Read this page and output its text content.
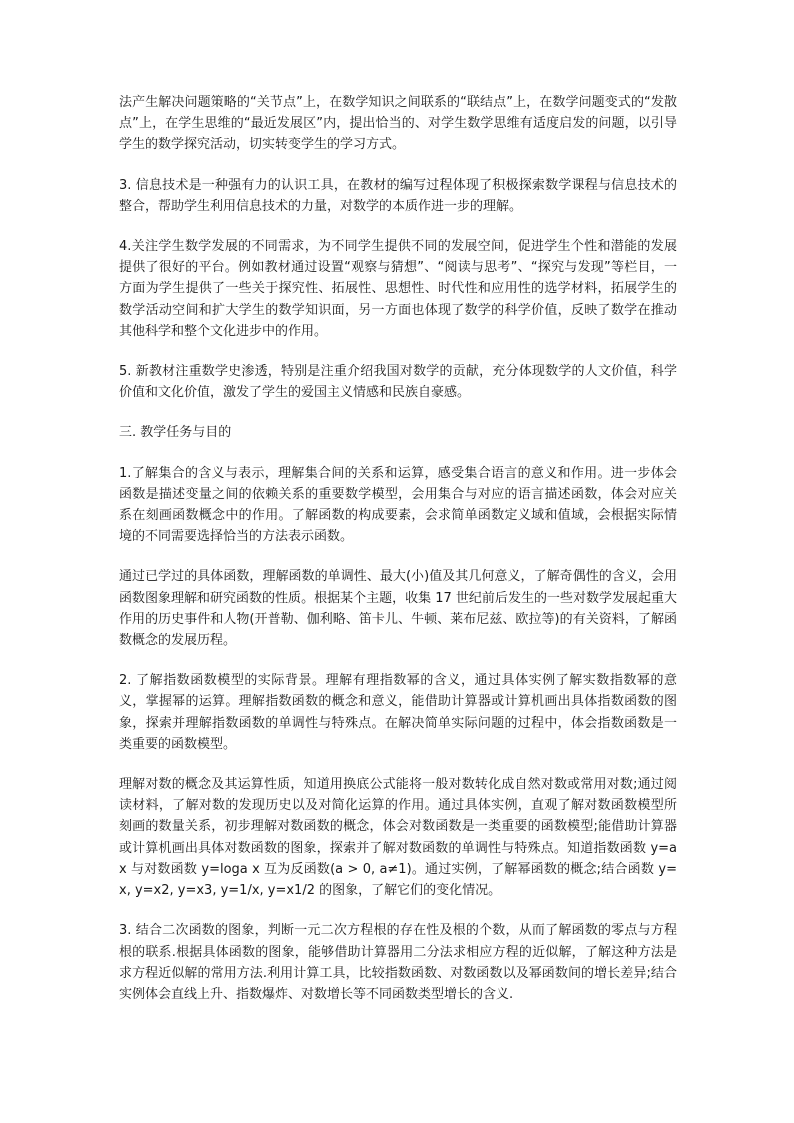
法产生解决问题策略的“关节点”上，在数学知识之间联系的“联结点”上，在数学问题变式的“发散点”上，在学生思维的“最近发展区”内，提出恰当的、对学生数学思维有适度启发的问题，以引导学生的数学探究活动，切实转变学生的学习方式。

3. 信息技术是一种强有力的认识工具，在教材的编写过程体现了积极探索数学课程与信息技术的整合，帮助学生利用信息技术的力量，对数学的本质作进一步的理解。

4.关注学生数学发展的不同需求，为不同学生提供不同的发展空间，促进学生个性和潜能的发展提供了很好的平台。例如教材通过设置“观察与猜想”、“阅读与思考”、“探究与发现”等栏目，一方面为学生提供了一些关于探究性、拓展性、思想性、时代性和应用性的选学材料，拓展学生的数学活动空间和扩大学生的数学知识面，另一方面也体现了数学的科学价值，反映了数学在推动其他科学和整个文化进步中的作用。

5. 新教材注重数学史渗透，特别是注重介绍我国对数学的贡献，充分体现数学的人文价值，科学价值和文化价值，激发了学生的爱国主义情感和民族自豪感。

三. 教学任务与目的

1.了解集合的含义与表示，理解集合间的关系和运算，感受集合语言的意义和作用。进一步体会函数是描述变量之间的依赖关系的重要数学模型，会用集合与对应的语言描述函数，体会对应关系在刻画函数概念中的作用。了解函数的构成要素，会求简单函数定义域和值域，会根据实际情境的不同需要选择恰当的方法表示函数。

通过已学过的具体函数，理解函数的单调性、最大(小)值及其几何意义，了解奇偶性的含义，会用函数图象理解和研究函数的性质。根据某个主题，收集 17 世纪前后发生的一些对数学发展起重大作用的历史事件和人物(开普勒、伽利略、笛卡儿、牛顿、莱布尼兹、欧拉等)的有关资料，了解函数概念的发展历程。

2. 了解指数函数模型的实际背景。理解有理指数幂的含义，通过具体实例了解实数指数幂的意义，掌握幂的运算。理解指数函数的概念和意义，能借助计算器或计算机画出具体指数函数的图象，探索并理解指数函数的单调性与特殊点。在解决简单实际问题的过程中，体会指数函数是一类重要的函数模型。

理解对数的概念及其运算性质，知道用换底公式能将一般对数转化成自然对数或常用对数;通过阅读材料，了解对数的发现历史以及对简化运算的作用。通过具体实例，直观了解对数函数模型所刻画的数量关系，初步理解对数函数的概念，体会对数函数是一类重要的函数模型;能借助计算器或计算机画出具体对数函数的图象，探索并了解对数函数的单调性与特殊点。知道指数函数 y=ax 与对数函数 y=loga x 互为反函数(a > 0, a≠1)。通过实例，了解幂函数的概念;结合函数 y=x, y=x2, y=x3, y=1/x, y=x1/2 的图象，了解它们的变化情况。

3. 结合二次函数的图象，判断一元二次方程根的存在性及根的个数，从而了解函数的零点与方程根的联系.根据具体函数的图象，能够借助计算器用二分法求相应方程的近似解，了解这种方法是求方程近似解的常用方法.利用计算工具，比较指数函数、对数函数以及幂函数间的增长差异;结合实例体会直线上升、指数爆炸、对数增长等不同函数类型增长的含义.
